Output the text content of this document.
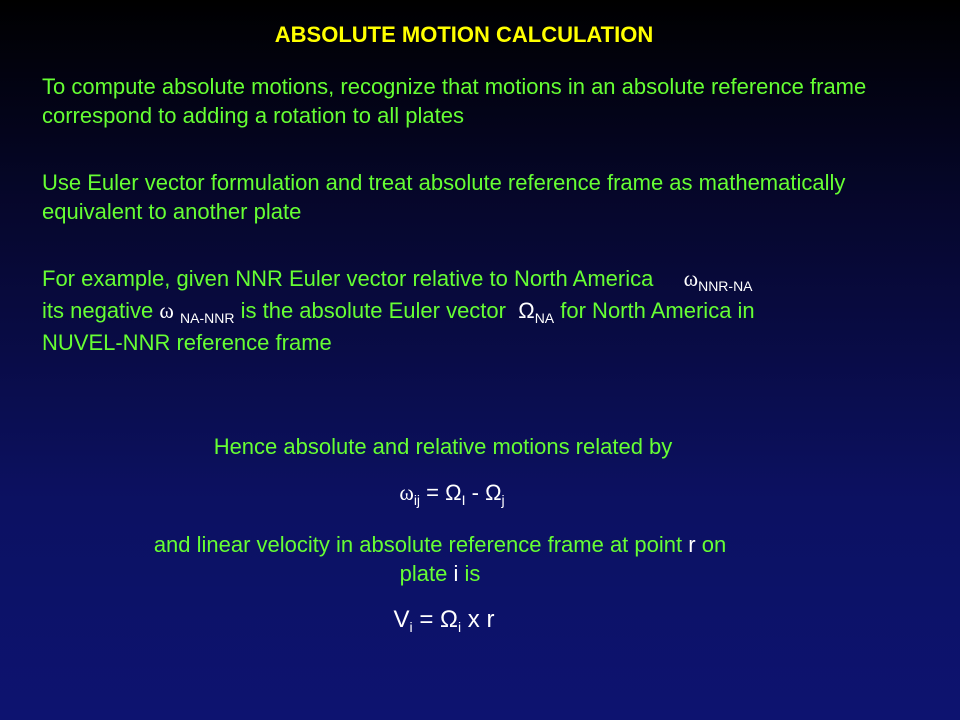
ABSOLUTE MOTION CALCULATION
To compute absolute motions, recognize that motions in an absolute reference frame correspond to adding a rotation to all plates
Use Euler vector formulation and treat absolute reference frame as mathematically equivalent to another plate
For example, given NNR Euler vector relative to North America $\omega_{NNR-NA}$
its negative ω $_{NA-NNR}$ is the absolute Euler vector $\Omega_{NA}$ for North America in
NUVEL-NNR reference frame
Hence absolute and relative motions related by
$\omega_{ij} = \Omega_I - \Omega_j$
and linear velocity in absolute reference frame at point r on
plate i is
$V_i = \Omega_i$ x r
